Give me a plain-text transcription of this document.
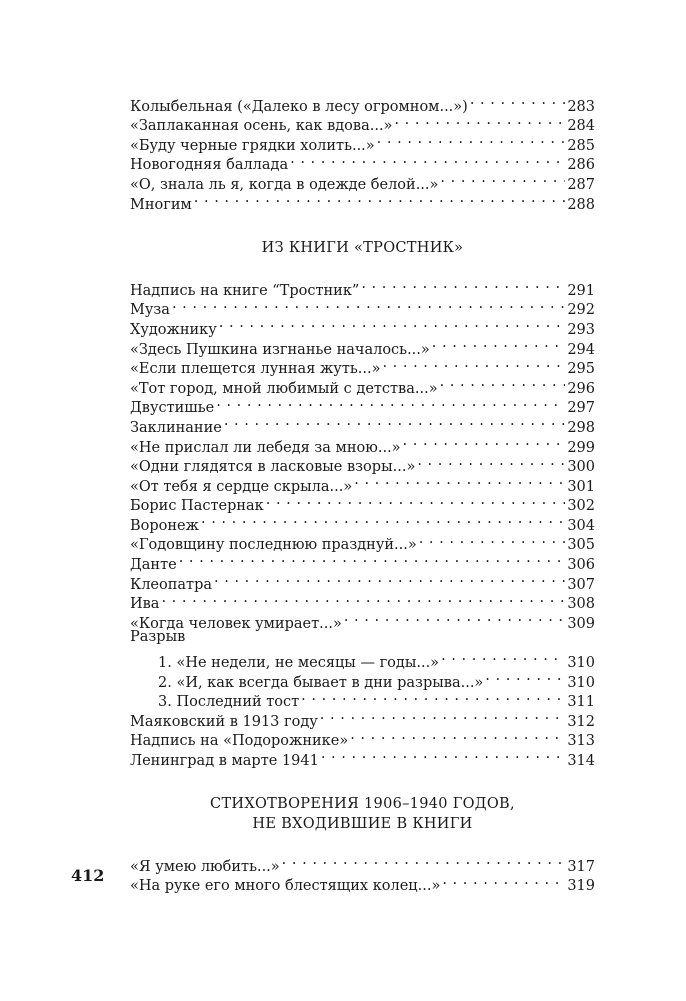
Колыбельная («Далеко в лесу огромном...») . . .	283
«Заплаканная осень, как вдова...» . . .	284
«Буду черные грядки холить...» . . .	285
Новогодняя баллада . . .	286
«О, знала ль я, когда в одежде белой...» . . .	287
Многим . . .	288
ИЗ КНИГИ «ТРОСТНИК»
Надпись на книге “Тростник” . . .	291
Муза . . .	292
Художнику . . .	293
«Здесь Пушкина изгнанье началось...» . . .	294
«Если плещется лунная жуть...» . . .	295
«Тот город, мной любимый с детства...» . . .	296
Двустишье . . .	297
Заклинание . . .	298
«Не прислал ли лебедя за мною...» . . .	299
«Одни глядятся в ласковые взоры...» . . .	300
«От тебя я сердце скрыла...» . . .	301
Борис Пастернак . . .	302
Воронеж . . .	304
«Годовщину последнюю празднуй...» . . .	305
Данте . . .	306
Клеопатра . . .	307
Ива . . .	308
«Когда человек умирает...» . . .	309
Разрыв
1. «Не недели, не месяцы — годы...» . . .	310
2. «И, как всегда бывает в дни разрыва...» . . .	310
3. Последний тост . . .	311
Маяковский в 1913 году . . .	312
Надпись на «Подорожнике» . . .	313
Ленинград в марте 1941 . . .	314
СТИХОТВОРЕНИЯ 1906–1940 ГОДОВ,
НЕ ВХОДИВШИЕ В КНИГИ
«Я умею любить...» . . .	317
«На руке его много блестящих колец...» . . .	319
412
